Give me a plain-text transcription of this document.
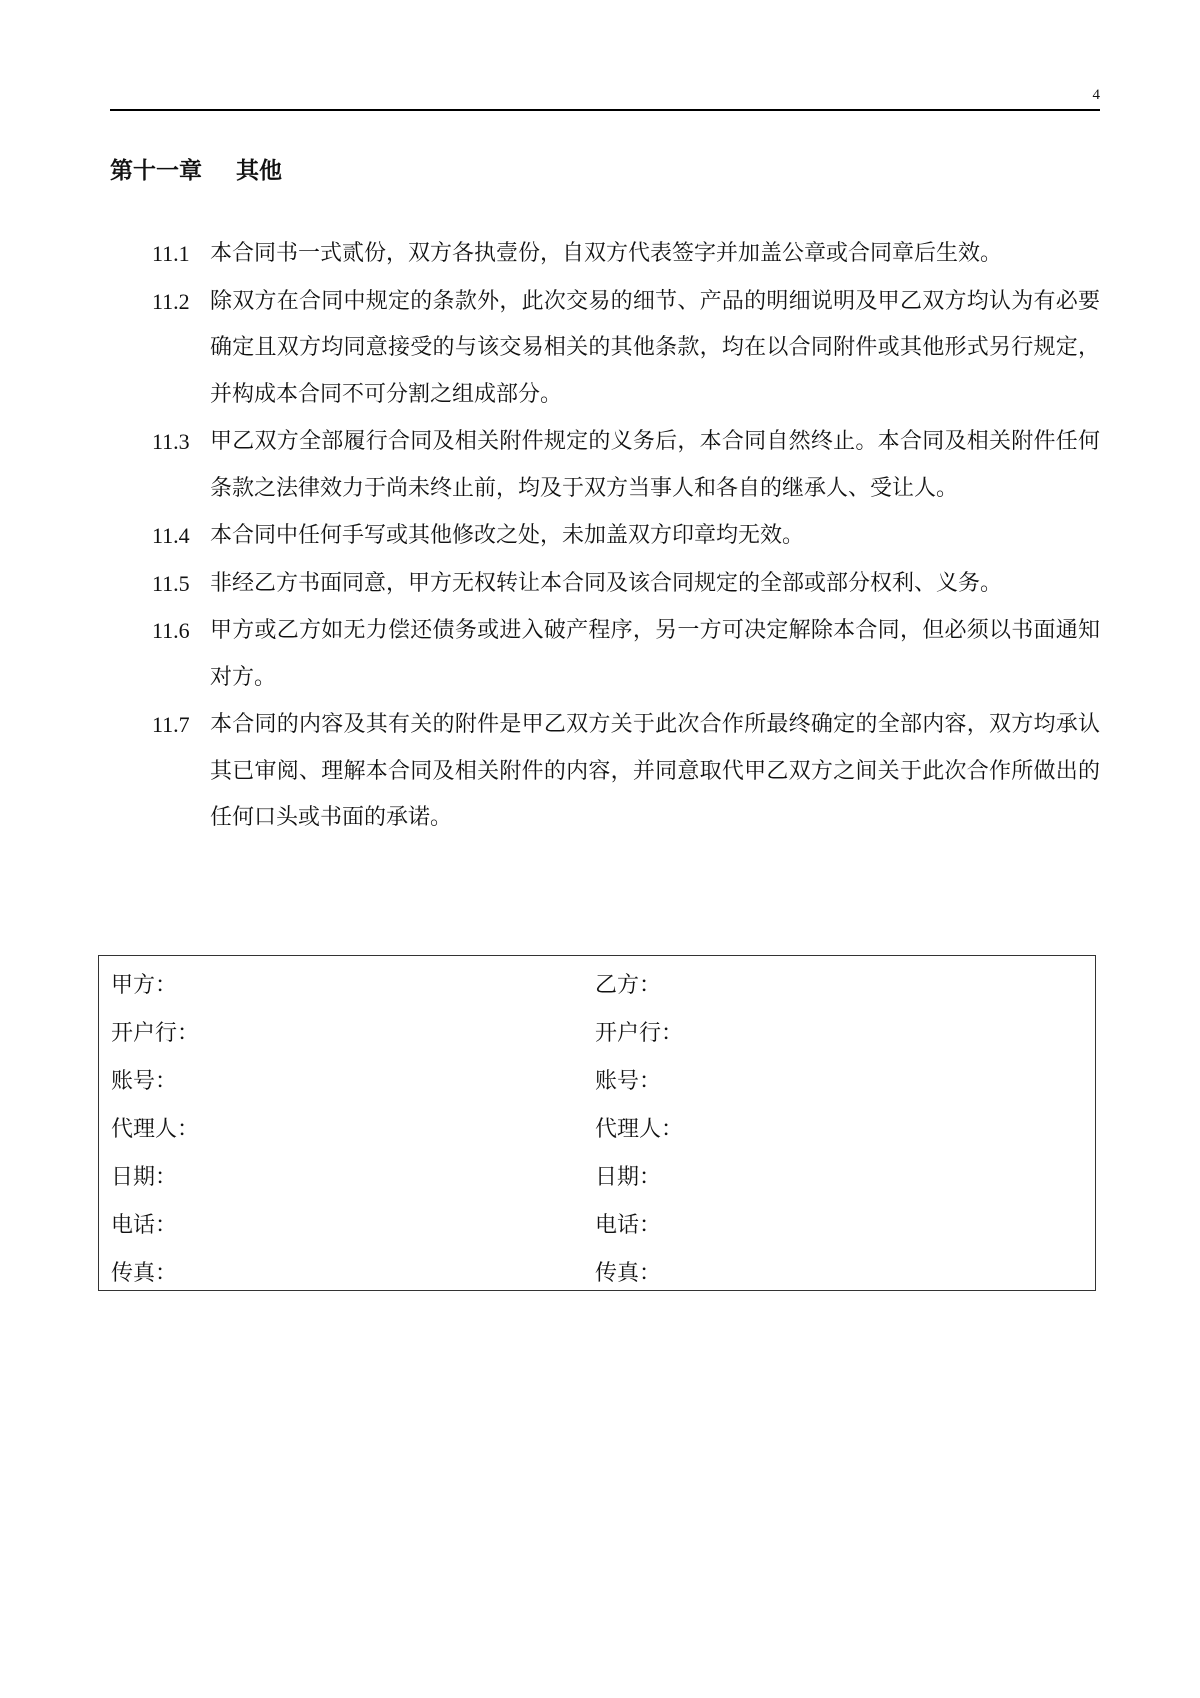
4
第十一章 其他
11.1 本合同书一式贰份，双方各执壹份，自双方代表签字并加盖公章或合同章后生效。
11.2 除双方在合同中规定的条款外，此次交易的细节、产品的明细说明及甲乙双方均认为有必要确定且双方均同意接受的与该交易相关的其他条款，均在以合同附件或其他形式另行规定，并构成本合同不可分割之组成部分。
11.3 甲乙双方全部履行合同及相关附件规定的义务后，本合同自然终止。本合同及相关附件任何条款之法律效力于尚未终止前，均及于双方当事人和各自的继承人、受让人。
11.4 本合同中任何手写或其他修改之处，未加盖双方印章均无效。
11.5 非经乙方书面同意，甲方无权转让本合同及该合同规定的全部或部分权利、义务。
11.6 甲方或乙方如无力偿还债务或进入破产程序，另一方可决定解除本合同，但必须以书面通知对方。
11.7 本合同的内容及其有关的附件是甲乙双方关于此次合作所最终确定的全部内容，双方均承认其已审阅、理解本合同及相关附件的内容，并同意取代甲乙双方之间关于此次合作所做出的任何口头或书面的承诺。
甲方：
开户行：
账号：
代理人：
日期：
电话：
传真：
乙方：
开户行：
账号：
代理人：
日期：
电话：
传真：
